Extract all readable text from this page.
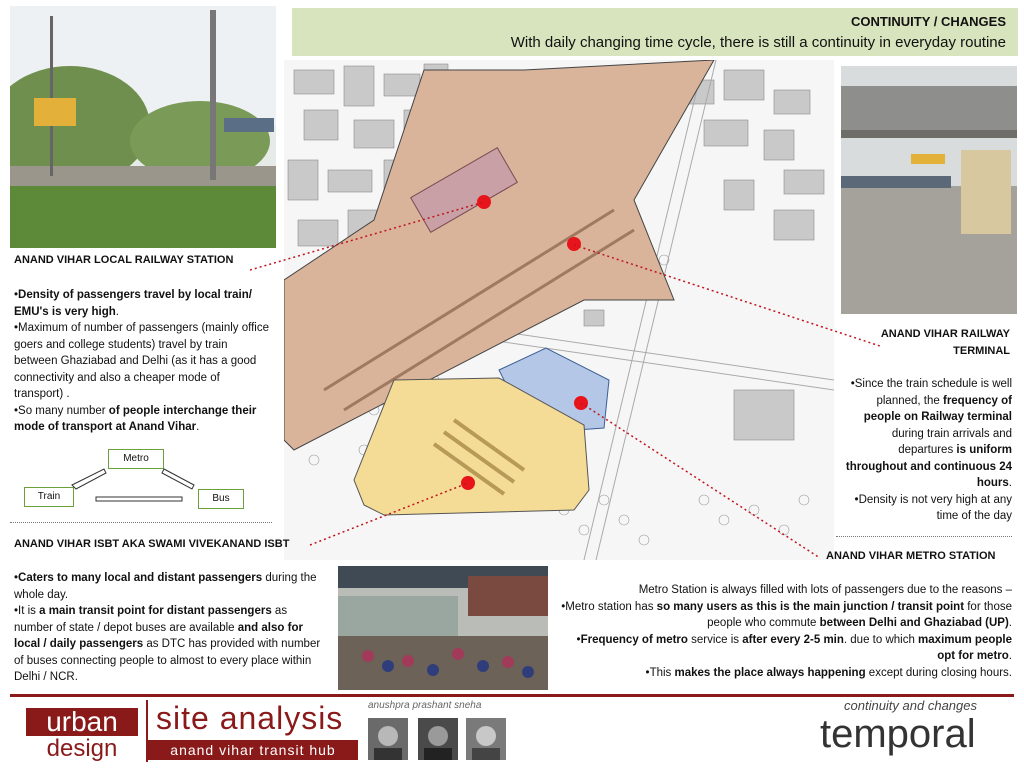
CONTINUITY / CHANGES
With daily changing time cycle, there is still a continuity in everyday routine
ANAND VIHAR LOCAL RAILWAY STATION

•Density of passengers travel by local train/ EMU's is very high.

•Maximum of number of passengers (mainly office goers and college students) travel by train between Ghaziabad and Delhi (as it has a good connectivity and also a cheaper mode of transport) .

•So many number of people interchange their mode of transport at Anand Vihar.

Metro
Train	Bus
ANAND VIHAR ISBT AKA SWAMI VIVEKANAND ISBT

•Caters to many local and distant passengers during the whole day.

•It is a main transit point for distant passengers as number of state / depot buses are available and also for local / daily passengers as DTC has provided with number of buses connecting people to almost to every place within Delhi / NCR.

ANAND VIHAR RAILWAY
TERMINAL

•Since the train schedule is well planned, the frequency of people on Railway terminal during train arrivals and departures is uniform throughout and continuous 24 hours.

•Density is not very high at any time of the day

ANAND VIHAR METRO STATION

Metro Station is always filled with lots of passengers due to the reasons –

•Metro station has so many users as this is the main junction / transit point for those people who commute between Delhi and Ghaziabad (UP).

•Frequency of metro service is after every 2-5 min. due to which maximum people opt for metro.

•This makes the place always happening except during closing hours.

continuity and changes
urban
design
site analysis
anand vihar transit hub
anushpra prashant sneha
temporal
